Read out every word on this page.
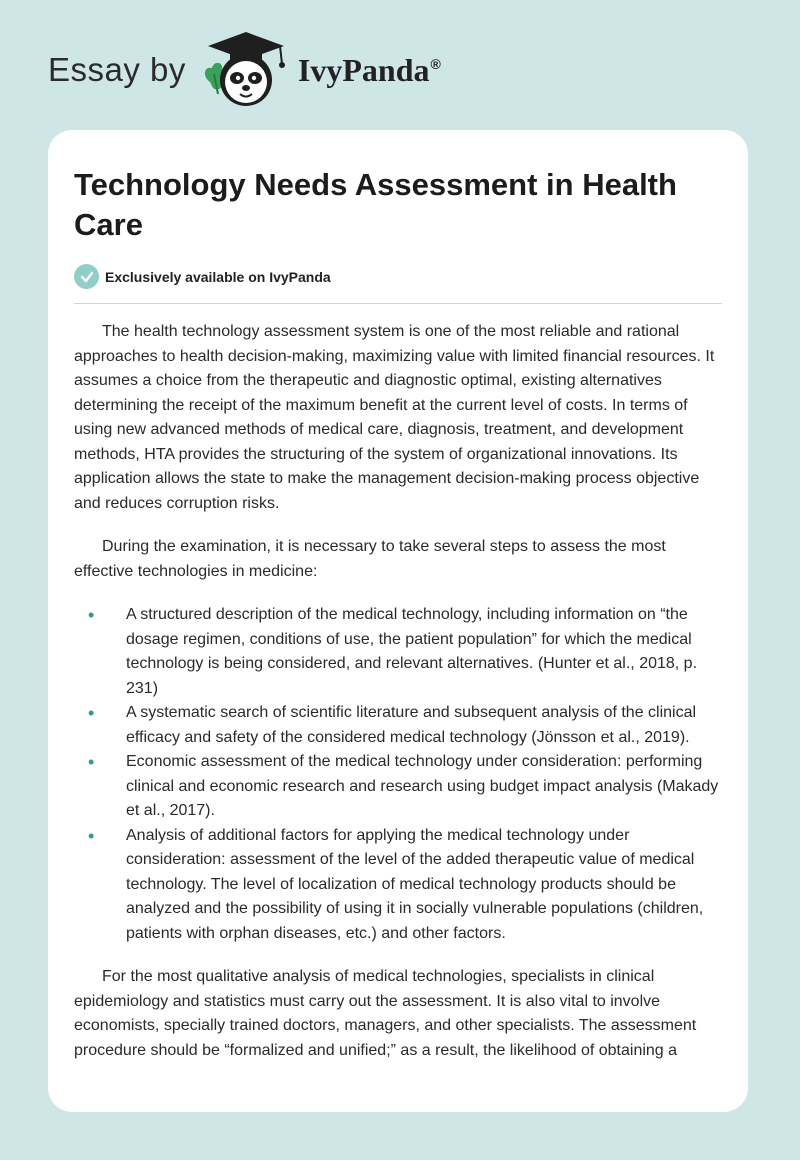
Essay by	IvyPanda®
Technology Needs Assessment in Health Care
Exclusively available on IvyPanda

The health technology assessment system is one of the most reliable and rational approaches to health decision-making, maximizing value with limited financial resources. It assumes a choice from the therapeutic and diagnostic optimal, existing alternatives determining the receipt of the maximum benefit at the current level of costs. In terms of using new advanced methods of medical care, diagnosis, treatment, and development methods, HTA provides the structuring of the system of organizational innovations. Its application allows the state to make the management decision-making process objective and reduces corruption risks.

During the examination, it is necessary to take several steps to assess the most effective technologies in medicine:

• A structured description of the medical technology, including information on “the dosage regimen, conditions of use, the patient population” for which the medical technology is being considered, and relevant alternatives. (Hunter et al., 2018, p. 231)
• A systematic search of scientific literature and subsequent analysis of the clinical efficacy and safety of the considered medical technology (Jönsson et al., 2019).
• Economic assessment of the medical technology under consideration: performing clinical and economic research and research using budget impact analysis (Makady et al., 2017).
• Analysis of additional factors for applying the medical technology under consideration: assessment of the level of the added therapeutic value of medical technology. The level of localization of medical technology products should be analyzed and the possibility of using it in socially vulnerable populations (children, patients with orphan diseases, etc.) and other factors.

For the most qualitative analysis of medical technologies, specialists in clinical epidemiology and statistics must carry out the assessment. It is also vital to involve economists, specially trained doctors, managers, and other specialists. The assessment procedure should be “formalized and unified;” as a result, the likelihood of obtaining a
